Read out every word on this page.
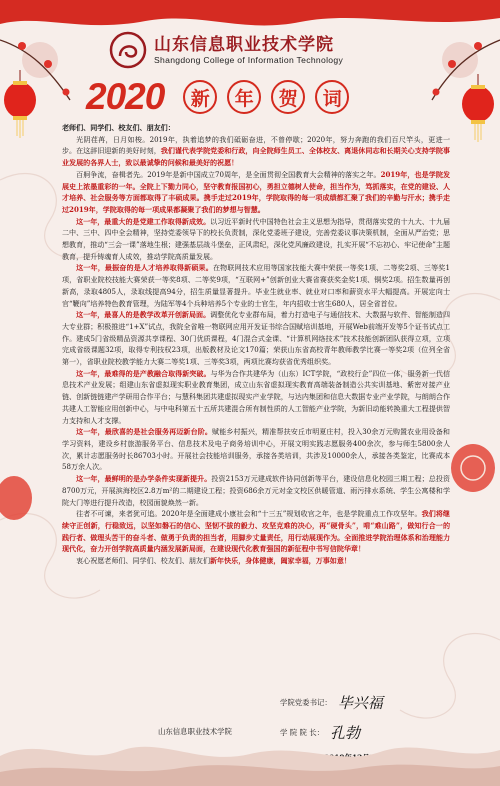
山东信息职业技术学院
Shangdong College of Information Technology
2020	新	年	贺	词

老师们、同学们、校友们、朋友们：

光阴荏苒，日月如梭。2019年，执着追梦的我们砥砺奋进，不曾停歇；2020年，努力奔跑的我们百尺竿头，更进一步。在这辞旧迎新的美好时刻，我们谨代表学院党委和行政，向全院师生员工、全体校友、离退休同志和长期关心支持学院事业发展的各界人士，致以最诚挚的问候和最美好的祝愿！

百舸争流，奋楫者先。2019年是新中国成立70周年，是全面贯彻全国教育大会精神的落实之年。2019年，也是学院发展史上浓墨重彩的一年。全院上下勠力同心，坚守教育报国初心，勇担立德树人使命，担当作为，笃抓落实，在党的建设、人才培养、社会服务等方面都取得了丰硕成果。携手走过2019年，学院取得的每一项成绩都汇聚了我们的辛勤与汗水；携手走过2019年，学院取得的每一项成果都凝聚了我们的梦想与智慧。

这一年，最重大的是党建工作取得新成效。以习近平新时代中国特色社会主义思想为指导，贯彻落实党的十九大、十九届二中、三中、四中全会精神，坚持党委领导下的校长负责制，深化党委班子建设，完善党委议事决策机制，全面从严治党；思想教育，推动“三会一课”落地生根；建强基层战斗堡垒，正风肃纪，深化党风廉政建设，扎实开展“不忘初心、牢记使命”主题教育，提升铸魂育人成效，推动学院高质量发展。

这一年，最振奋的是人才培养取得新硕果。在物联网技术应用等国家技能大赛中荣获一等奖1项、二等奖2项、三等奖1项，省职业院校技能大赛荣获一等奖8项、二等奖9项，“互联网+”创新创业大赛省赛获奖金奖1项、铜奖2项。招生数量再创新高，录取4805人，录取线提高94分，招生质量显著提升。毕业生就业率、就业对口率和薪资水平大幅提高。开展定向士官“鞭向”培养特色教育管理，为陆军等4个兵种培养5个专业的士官生，年内招收士官生680人，居全省首位。

这一年，最喜人的是教学改革开创新局面。调整优化专业群布局，着力打造电子与通信技术、大数据与软件、智能制造四大专业群；积极推进“1+X”试点，我院全省唯一物联网应用开发证书综合国赋培训基地，开展Web前端开发等5个证书试点工作。建成5门省级精品资源共享课程、30门优质课程，4门混合式金课、“计算机网络技术”技术技能创新团队获得立项，立项完成省级课题32项，取得专利技权23项，出版教材及论文170篇；荣获山东省高校青年教师教学比赛一等奖2项（位列全省第一），省职业院校教学能力大赛二等奖1项、三等奖3项，两项比赛均获省优秀组织奖。

这一年，最难得的是产教融合取得新突破。与华为合作共建华为（山东）ICT学院，“政校行企”四位一体，服务新一代信息技术产业发展；组建山东省虚拟现实职业教育集团，成立山东省虚拟现实教育高端装备制造公共实训基地、紫密对接产业链、创新链链建产学研用合作平台；与慧科集团共建虚拟现实产业学院，与达内集团和信息大数据专业产业学院，与朗朗合作共建人工智能应用创新中心，与中电科第五十五所共建混合所有制性质的人工智能产业学院，为新旧动能转换重大工程提供智力支持和人才支撑。

这一年，最欣喜的是社会服务再迈新台阶。赋能乡村振兴，精准帮扶安丘市明夏庄村，投入30余万元购置农业用设备和学习资料，建设乡村旅游服务平台、信息技术及电子商务培训中心，开展文明实践志愿服务400余次，参与师生5800余人次，累计志愿服务时长86703小时。开展社会技能培训服务，承接各类培训，共涉及10000余人，承接各类鉴定，比赛成本58万余人次。

这一年，最鲜明的是办学条件实现新提升。投资2153万元建成软件协同创新等平台，建设信息化校园三期工程；总投资8700万元，开展滨海校区2.8万m²的二期建设工程；投资686余万元对金文校区供暖管道、雨污排水系统、学生公寓楼和学院大门等进行提升改造，校园面貌焕然一新。

往者不可谏，来者犹可追。2020年是全面建成小康社会和“十三五”规划收官之年，也是学院重点工作攻坚年。我们将继续守正创新，行稳致远，以坚如磐石的信心、坚韧不拔的毅力、攻坚克难的决心，再“硬骨头”，啃“难山路”，做知行合一的践行者、做理头苦干的奋斗者、做勇于负责的担当者，用脚步丈量责任，用行动展现作为。全面推进学院治理体系和治理能力现代化，奋力开创学院高质量内涵发展新局面，在建设现代化教育强国的新征程中书写信院华章！

衷心祝愿老师们、同学们、校友们、朋友们新年快乐，身体健康，阖家幸福，万事如意！

学院党委书记： 毕兴福
山东信息职业技术学院	学 院 院 长： 孔勃
